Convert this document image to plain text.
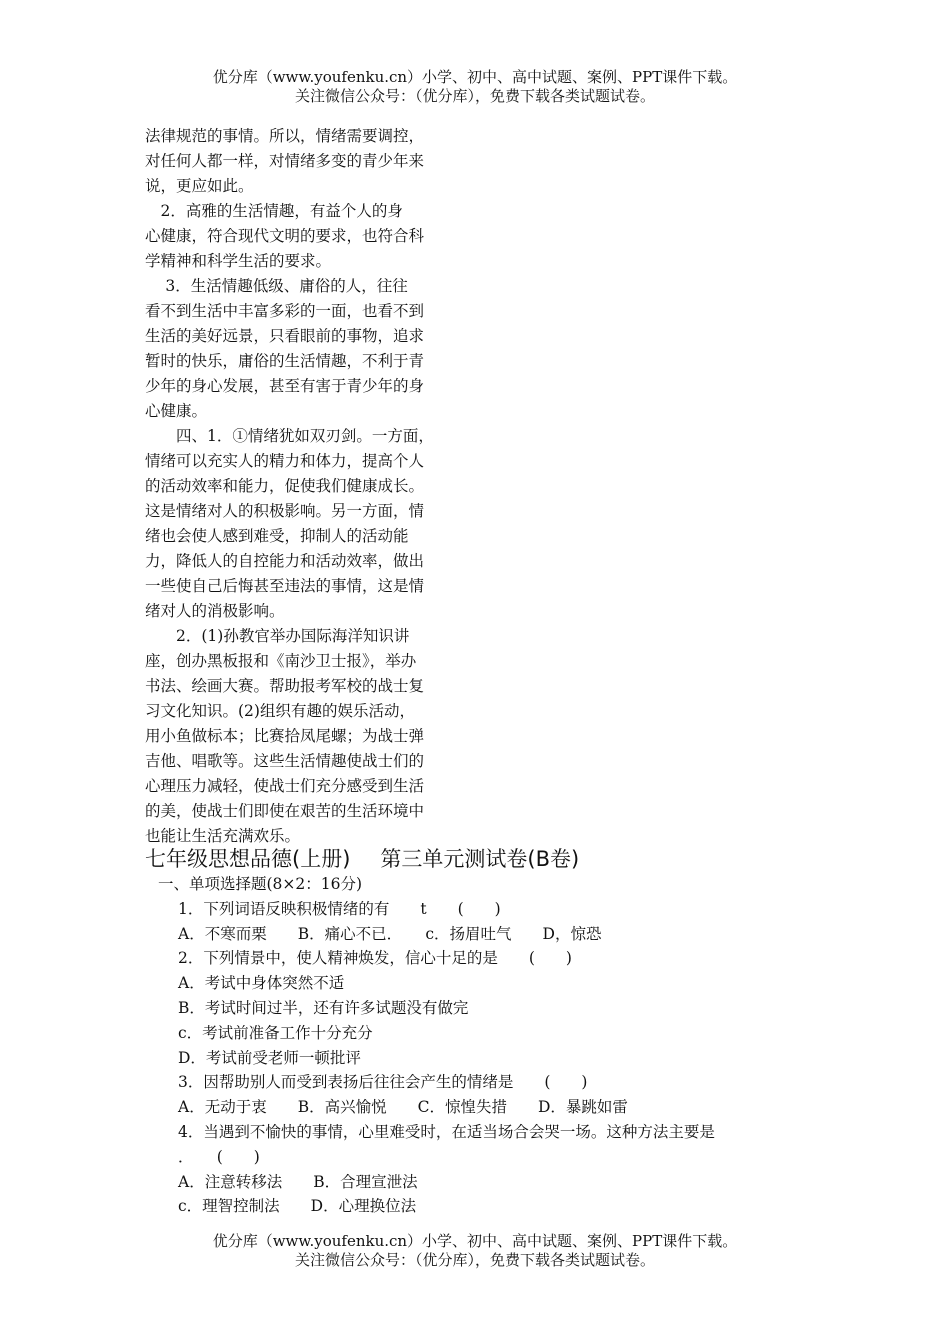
优分库（www.youfenku.cn）小学、初中、高中试题、案例、PPT课件下载。
关注微信公众号：（优分库），免费下载各类试题试卷。

法律规范的事情。所以，情绪需要调控，

对任何人都一样，对情绪多变的青少年来

说，更应如此。

　2．高雅的生活情趣，有益个人的身

心健康，符合现代文明的要求，也符合科

学精神和科学生活的要求。

　 3．生活情趣低级、庸俗的人，往往

看不到生活中丰富多彩的一面，也看不到

生活的美好远景，只看眼前的事物，追求

暂时的快乐，庸俗的生活情趣，不利于青

少年的身心发展，甚至有害于青少年的身

心健康。

　　四、1．①情绪犹如双刃剑。一方面，

情绪可以充实人的精力和体力，提高个人

的活动效率和能力，促使我们健康成长。

这是情绪对人的积极影响。另一方面，情

绪也会使人感到难受，抑制人的活动能

力，降低人的自控能力和活动效率，做出

一些使自己后悔甚至违法的事情，这是情

绪对人的消极影响。

　　2．(1)孙教官举办国际海洋知识讲

座，创办黑板报和《南沙卫士报》，举办

书法、绘画大赛。帮助报考军校的战士复

习文化知识。(2)组织有趣的娱乐活动，

用小鱼做标本；比赛拾凤尾螺；为战士弹

吉他、唱歌等。这些生活情趣使战士们的

心理压力减轻，使战士们充分感受到生活

的美，使战士们即使在艰苦的生活环境中

也能让生活充满欢乐。

七年级思想品德(上册) 第三单元测试卷(B卷)

一、单项选择题(8×2：16分)

1．下列词语反映积极情绪的有　　t　　(　　)

A．不寒而栗　　B．痛心不已．　　c．扬眉吐气　　D，惊恐

2．下列情景中，使人精神焕发，信心十足的是　　(　　)

A．考试中身体突然不适

B．考试时间过半，还有许多试题没有做完

c．考试前准备工作十分充分

D．考试前受老师一顿批评

3．因帮助别人而受到表扬后往往会产生的情绪是　　(　　)

A．无动于衷　　B．高兴愉悦　　C．惊惶失措　　D．暴跳如雷

4．当遇到不愉快的事情，心里难受时，在适当场合会哭一场。这种方法主要是

．　　(　　)

A．注意转移法　　B．合理宣泄法

c．理智控制法　　D．心理换位法

优分库（www.youfenku.cn）小学、初中、高中试题、案例、PPT课件下载。
关注微信公众号：（优分库），免费下载各类试题试卷。
